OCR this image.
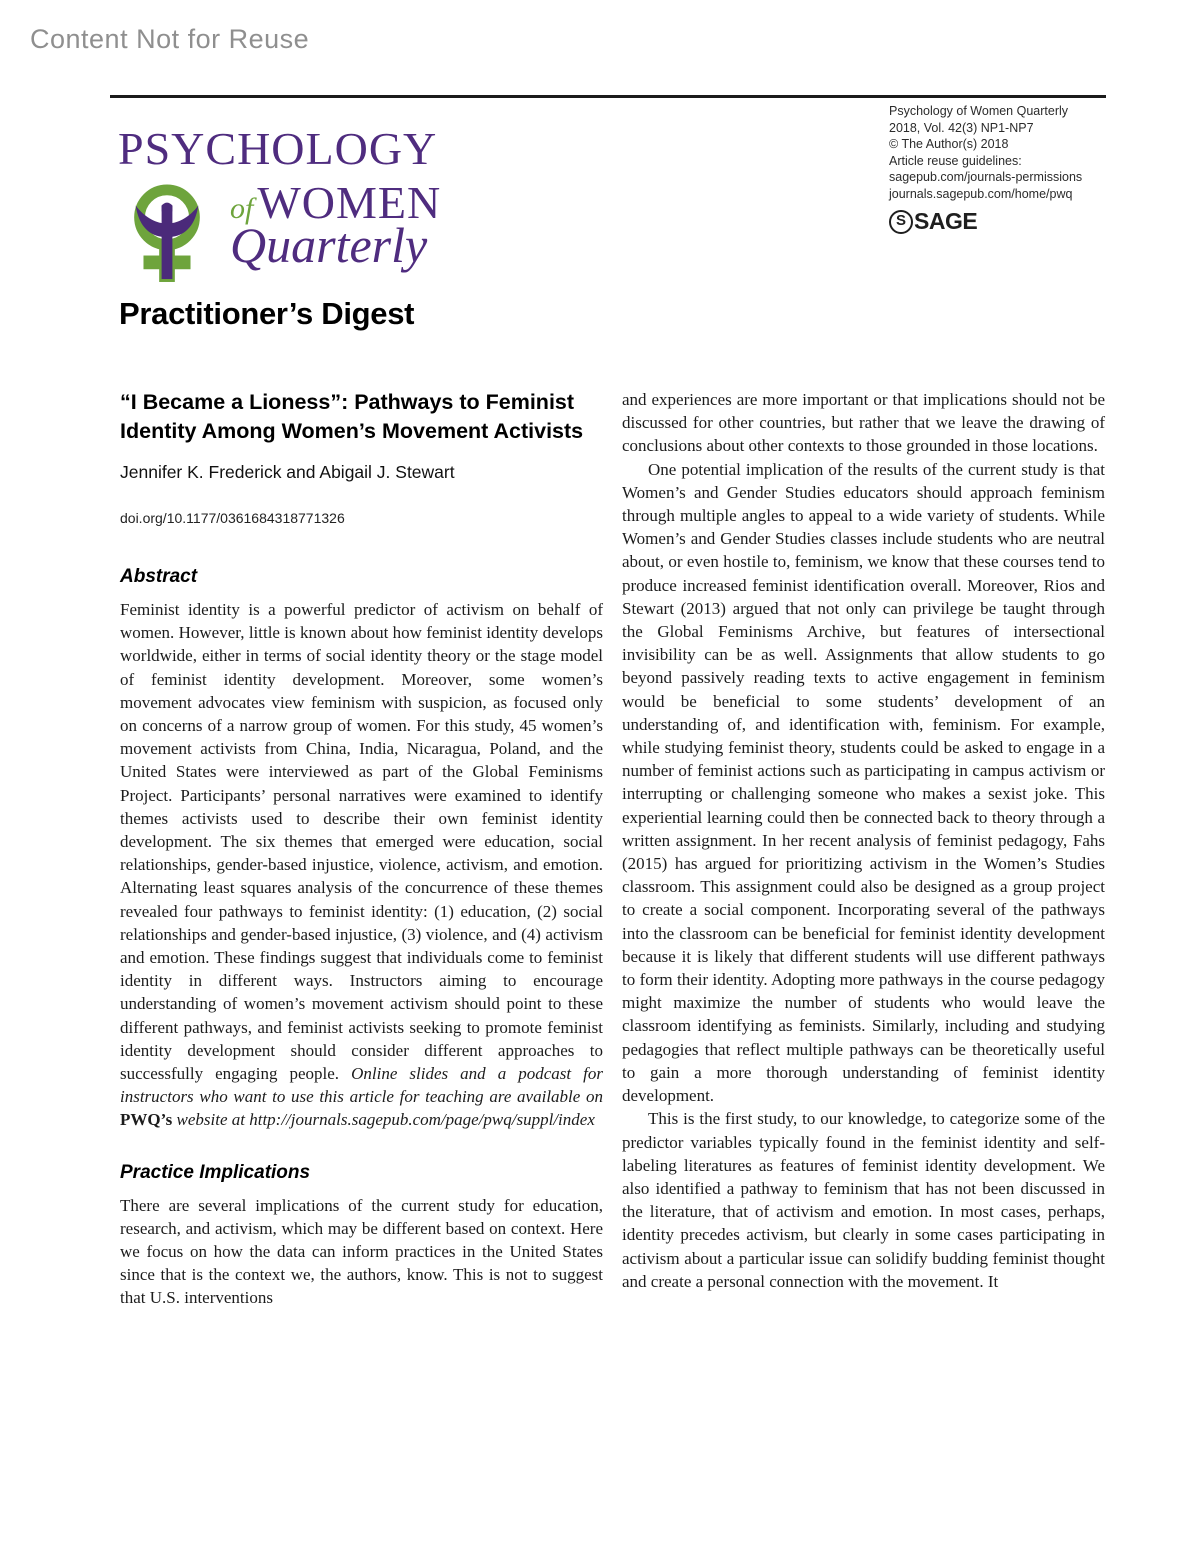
Content Not for Reuse
PSYCHOLOGY
ofWOMEN
Quarterly
Psychology of Women Quarterly
2018, Vol. 42(3) NP1-NP7
© The Author(s) 2018
Article reuse guidelines:
sagepub.com/journals-permissions
journals.sagepub.com/home/pwq
S SAGE
Practitioner’s Digest
“I Became a Lioness”: Pathways to Feminist Identity Among Women’s Movement Activists
Jennifer K. Frederick and Abigail J. Stewart
doi.org/10.1177/0361684318771326
Abstract

Feminist identity is a powerful predictor of activism on behalf of women. However, little is known about how feminist identity develops worldwide, either in terms of social identity theory or the stage model of feminist identity development. Moreover, some women’s movement advocates view feminism with suspicion, as focused only on concerns of a narrow group of women. For this study, 45 women’s movement activists from China, India, Nicaragua, Poland, and the United States were interviewed as part of the Global Feminisms Project. Participants’ personal narratives were examined to identify themes activists used to describe their own feminist identity development. The six themes that emerged were education, social relationships, gender-based injustice, violence, activism, and emotion. Alternating least squares analysis of the concurrence of these themes revealed four pathways to feminist identity: (1) education, (2) social relationships and gender-based injustice, (3) violence, and (4) activism and emotion. These findings suggest that individuals come to feminist identity in different ways. Instructors aiming to encourage understanding of women’s movement activism should point to these different pathways, and feminist activists seeking to promote feminist identity development should consider different approaches to successfully engaging people. Online slides and a podcast for instructors who want to use this article for teaching are available on PWQ’s website at http://journals.sagepub.com/page/pwq/suppl/index

Practice Implications

There are several implications of the current study for education, research, and activism, which may be different based on context. Here we focus on how the data can inform practices in the United States since that is the context we, the authors, know. This is not to suggest that U.S. interventions

and experiences are more important or that implications should not be discussed for other countries, but rather that we leave the drawing of conclusions about other contexts to those grounded in those locations.

One potential implication of the results of the current study is that Women’s and Gender Studies educators should approach feminism through multiple angles to appeal to a wide variety of students. While Women’s and Gender Studies classes include students who are neutral about, or even hostile to, feminism, we know that these courses tend to produce increased feminist identification overall. Moreover, Rios and Stewart (2013) argued that not only can privilege be taught through the Global Feminisms Archive, but features of intersectional invisibility can be as well. Assignments that allow students to go beyond passively reading texts to active engagement in feminism would be beneficial to some students’ development of an understanding of, and identification with, feminism. For example, while studying feminist theory, students could be asked to engage in a number of feminist actions such as participating in campus activism or interrupting or challenging someone who makes a sexist joke. This experiential learning could then be connected back to theory through a written assignment. In her recent analysis of feminist pedagogy, Fahs (2015) has argued for prioritizing activism in the Women’s Studies classroom. This assignment could also be designed as a group project to create a social component. Incorporating several of the pathways into the classroom can be beneficial for feminist identity development because it is likely that different students will use different pathways to form their identity. Adopting more pathways in the course pedagogy might maximize the number of students who would leave the classroom identifying as feminists. Similarly, including and studying pedagogies that reflect multiple pathways can be theoretically useful to gain a more thorough understanding of feminist identity development.

This is the first study, to our knowledge, to categorize some of the predictor variables typically found in the feminist identity and self-labeling literatures as features of feminist identity development. We also identified a pathway to feminism that has not been discussed in the literature, that of activism and emotion. In most cases, perhaps, identity precedes activism, but clearly in some cases participating in activism about a particular issue can solidify budding feminist thought and create a personal connection with the movement. It
